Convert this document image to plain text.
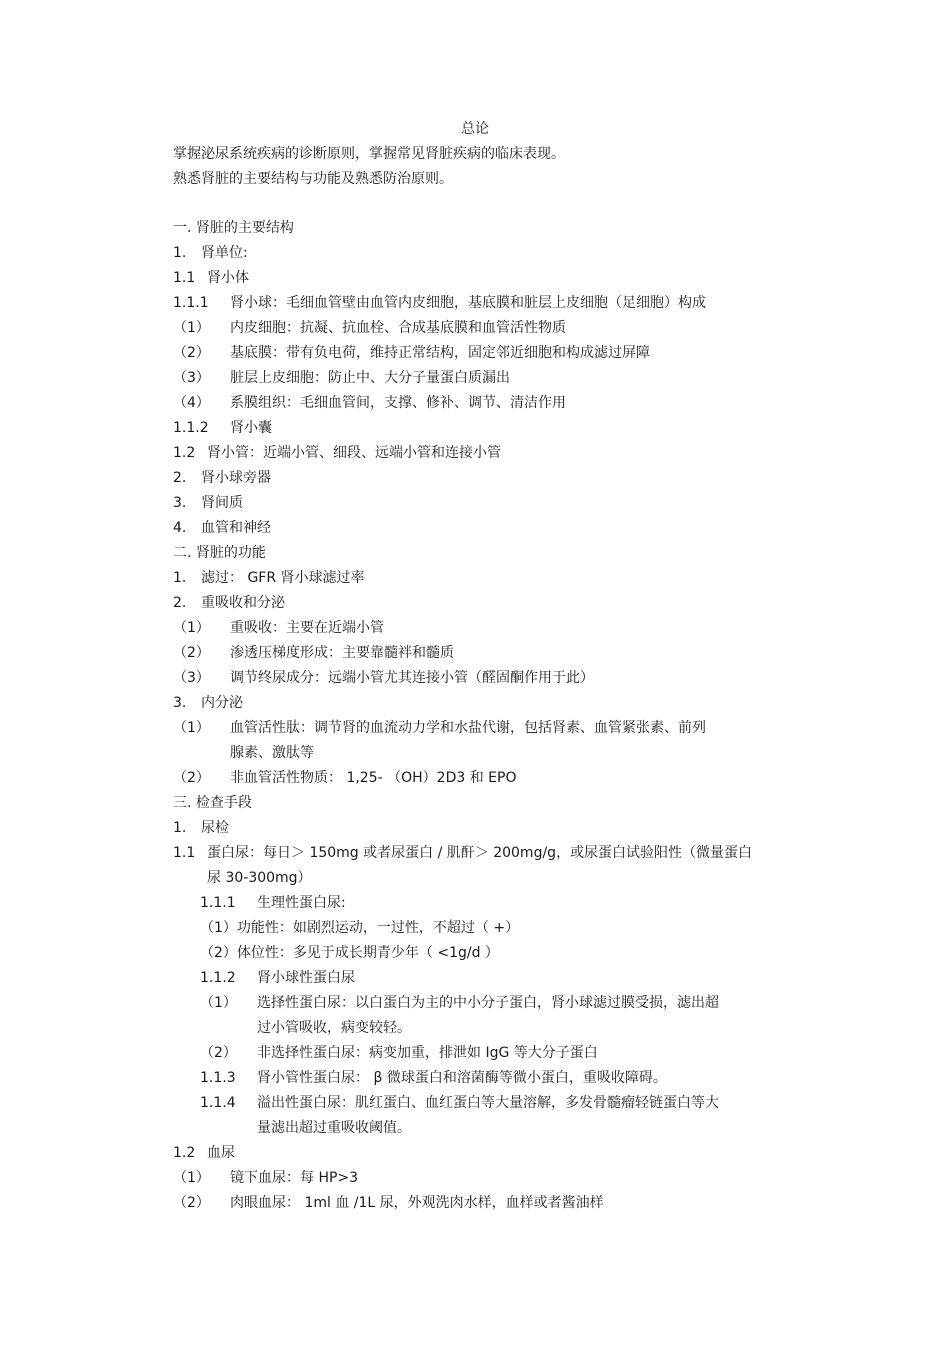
总论
掌握泌尿系统疾病的诊断原则，掌握常见肾脏疾病的临床表现。
熟悉肾脏的主要结构与功能及熟悉防治原则。
一. 肾脏的主要结构
1. 肾单位:
1.1 肾小体
1.1.1 肾小球：毛细血管壁由血管内皮细胞，基底膜和脏层上皮细胞（足细胞）构成
（1） 内皮细胞：抗凝、抗血栓、合成基底膜和血管活性物质
（2） 基底膜：带有负电荷，维持正常结构，固定邻近细胞和构成滤过屏障
（3） 脏层上皮细胞：防止中、大分子量蛋白质漏出
（4） 系膜组织：毛细血管间，支撑、修补、调节、清洁作用
1.1.2 肾小囊
1.2 肾小管：近端小管、细段、远端小管和连接小管
2. 肾小球旁器
3. 肾间质
4. 血管和神经
二. 肾脏的功能
1. 滤过： GFR 肾小球滤过率
2. 重吸收和分泌
（1） 重吸收：主要在近端小管
（2） 渗透压梯度形成：主要靠髓袢和髓质
（3） 调节终尿成分：远端小管尤其连接小管（醛固酮作用于此）
3. 内分泌
（1） 血管活性肽：调节肾的血流动力学和水盐代谢，包括肾素、血管紧张素、前列
腺素、激肽等
（2） 非血管活性物质： 1,25- （OH）2D3 和 EPO
三. 检查手段
1. 尿检
1.1 蛋白尿：每日＞ 150mg 或者尿蛋白 / 肌酐＞ 200mg/g，或尿蛋白试验阳性（微量蛋白
尿 30-300mg）
1.1.1 生理性蛋白尿:
（1）功能性：如剧烈运动，一过性，不超过（ +）
（2）体位性：多见于成长期青少年（ <1g/d ）
1.1.2 肾小球性蛋白尿
（1） 选择性蛋白尿：以白蛋白为主的中小分子蛋白，肾小球滤过膜受损，滤出超
过小管吸收，病变较轻。
（2） 非选择性蛋白尿：病变加重，排泄如 IgG 等大分子蛋白
1.1.3 肾小管性蛋白尿： β 微球蛋白和溶菌酶等微小蛋白，重吸收障碍。
1.1.4 溢出性蛋白尿：肌红蛋白、血红蛋白等大量溶解，多发骨髓瘤轻链蛋白等大
量滤出超过重吸收阈值。
1.2 血尿
（1） 镜下血尿：每 HP>3
（2） 肉眼血尿： 1ml 血 /1L 尿，外观洗肉水样，血样或者酱油样
